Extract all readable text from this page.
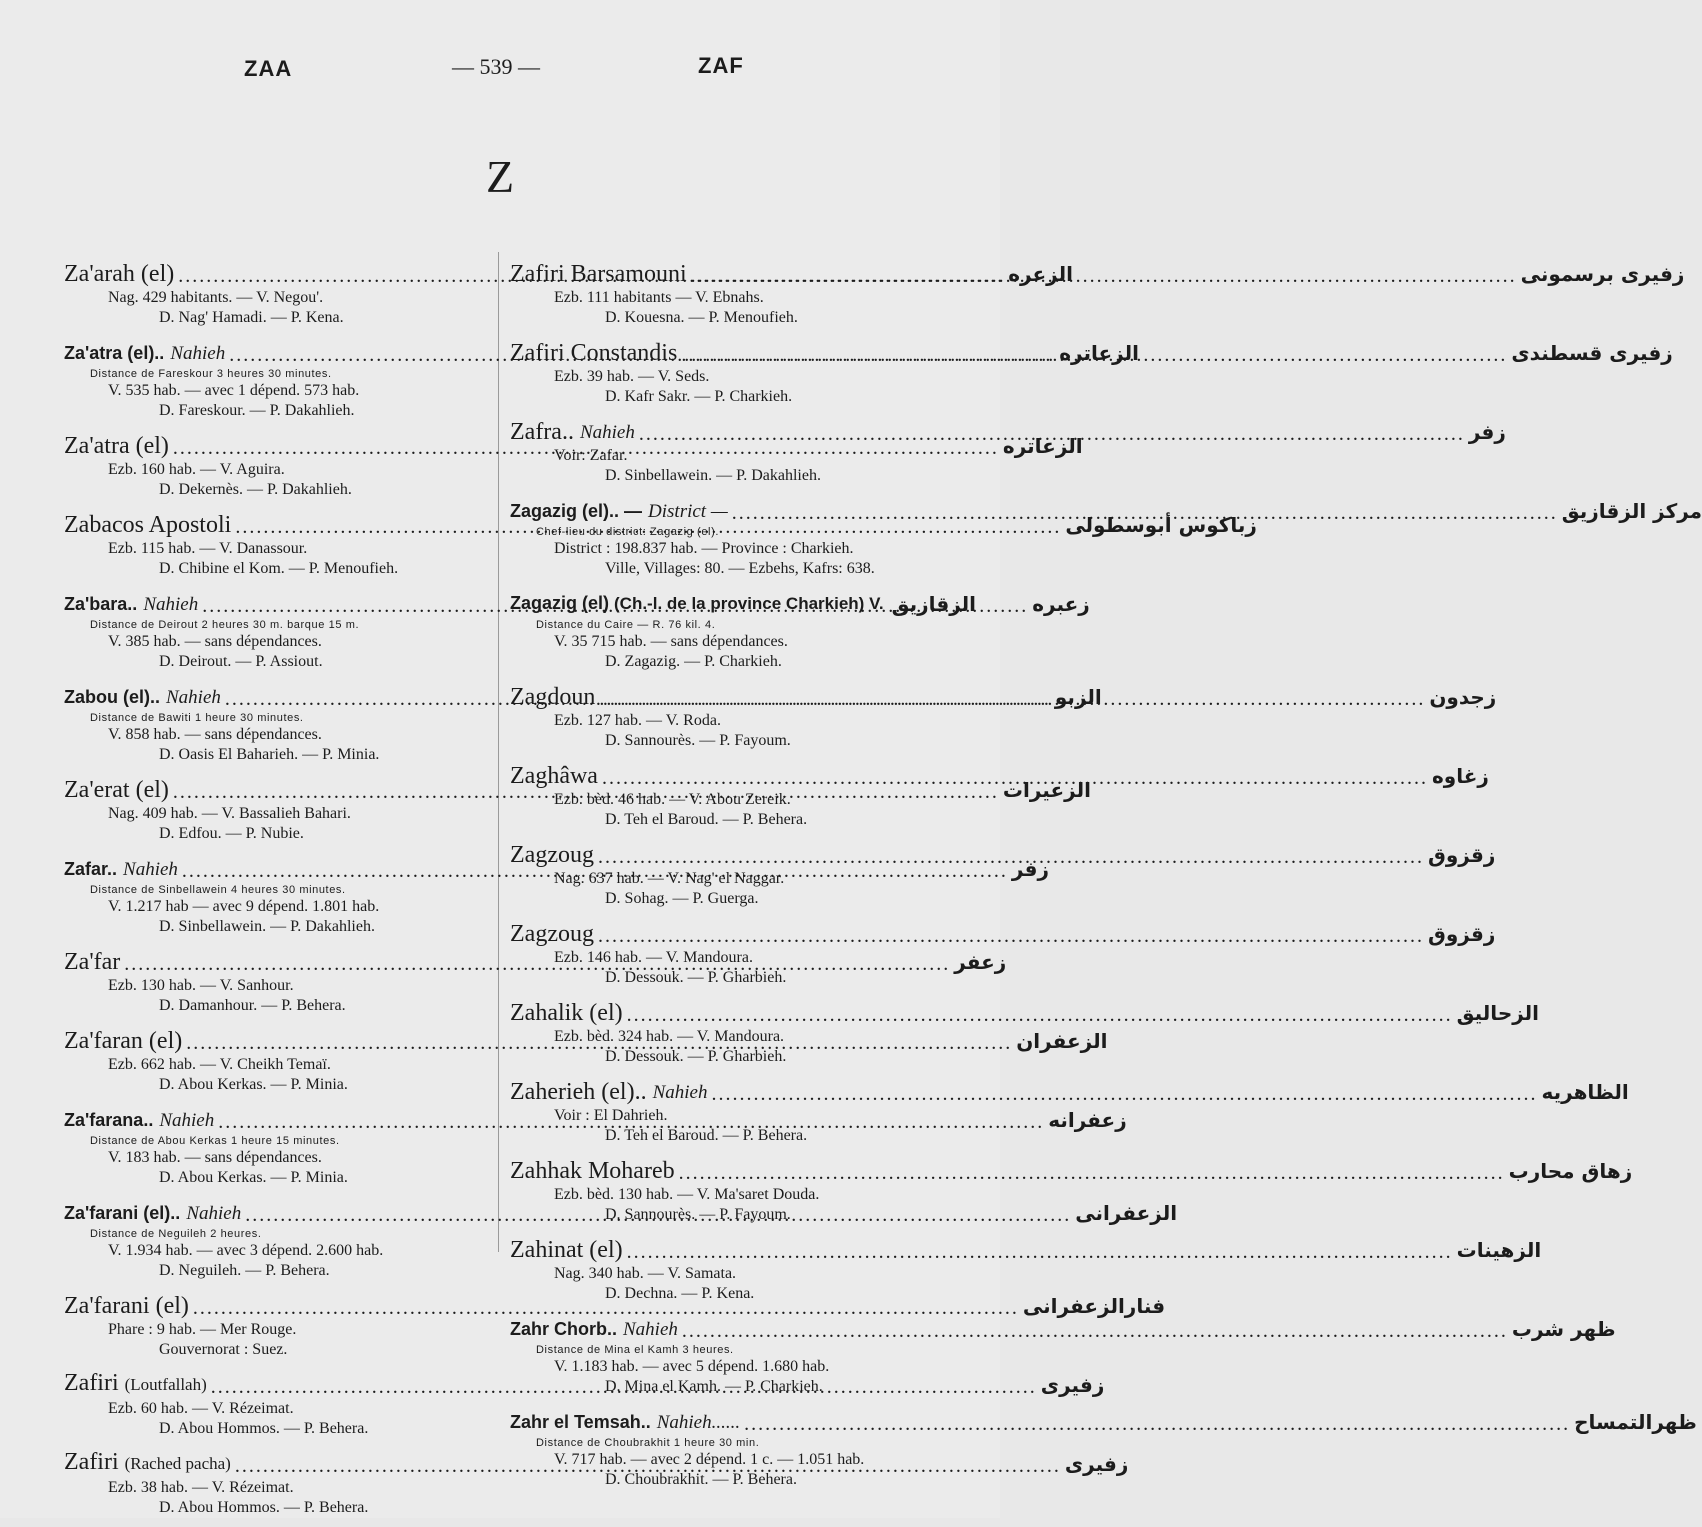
ZAA	— 539 —	ZAF
Z
Za'arah (el) .....	الزعره
Nag. 429 habitants. — V. Negou'.
D. Nag' Hamadi. — P. Kena.
Za'atra (el).. Nahieh .....	الزعاتره
Distance de Fareskour 3 heures 30 minutes.
V. 535 hab. — avec 1 dépend. 573 hab.
D. Fareskour. — P. Dakahlieh.
Za'atra (el) .....	الزعاتره
Ezb. 160 hab. — V. Aguira.
D. Dekernès. — P. Dakahlieh.
Zabacos Apostoli .....	زباكوس أبوسطولى
Ezb. 115 hab. — V. Danassour.
D. Chibine el Kom. — P. Menoufieh.
Za'bara.. Nahieh .....	زعبره
Distance de Deirout 2 heures 30 m. barque 15 m.
V. 385 hab. — sans dépendances.
D. Deirout. — P. Assiout.
Zabou (el).. Nahieh .....	الزبو
Distance de Bawiti 1 heure 30 minutes.
V. 858 hab. — sans dépendances.
D. Oasis El Baharieh. — P. Minia.
Za'erat (el) .....	الزعيرات
Nag. 409 hab. — V. Bassalieh Bahari.
D. Edfou. — P. Nubie.
Zafar.. Nahieh .....	زفر
Distance de Sinbellawein 4 heures 30 minutes.
V. 1.217 hab — avec 9 dépend. 1.801 hab.
D. Sinbellawein. — P. Dakahlieh.
Za'far .....	زعفر
Ezb. 130 hab. — V. Sanhour.
D. Damanhour. — P. Behera.
Za'faran (el) .....	الزعفران
Ezb. 662 hab. — V. Cheikh Temaï.
D. Abou Kerkas. — P. Minia.
Za'farana.. Nahieh .....	زعفرانه
Distance de Abou Kerkas 1 heure 15 minutes.
V. 183 hab. — sans dépendances.
D. Abou Kerkas. — P. Minia.
Za'farani (el).. Nahieh .....	الزعفرانى
Distance de Neguileh 2 heures.
V. 1.934 hab. — avec 3 dépend. 2.600 hab.
D. Neguileh. — P. Behera.
Za'farani (el) .....	فنارالزعفرانى
Phare : 9 hab. — Mer Rouge.
Gouvernorat : Suez.
Zafiri (Loutfallah) .....	زفيرى
Ezb. 60 hab. — V. Rézeimat.
D. Abou Hommos. — P. Behera.
Zafiri (Rached pacha) .....	زفيرى
Ezb. 38 hab. — V. Rézeimat.
D. Abou Hommos. — P. Behera.
Zafiri Barsamouni .....	زفيرى برسمونى
Ezb. 111 habitants — V. Ebnahs.
D. Kouesna. — P. Menoufieh.
Zafiri Constandis .....	زفيرى قسطندى
Ezb. 39 hab. — V. Seds.
D. Kafr Sakr. — P. Charkieh.
Zafra.. Nahieh .....	زفر
Voir: Zafar.
D. Sinbellawein. — P. Dakahlieh.
Zagazig (el).. — District — .....	مركز الزقازيق
Chef-lieu du district: Zagazig (el).
District : 198.837 hab. — Province : Charkieh.
Ville, Villages: 80. — Ezbehs, Kafrs: 638.
Zagazig (el) (Ch.-l. de la province Charkieh) V. الزقازيق
Distance du Caire — R. 76 kil. 4.
V. 35 715 hab. — sans dépendances.
D. Zagazig. — P. Charkieh.
Zagdoun .....	زجدون
Ezb. 127 hab. — V. Roda.
D. Sannourès. — P. Fayoum.
Zaghâwa .....	زغاوه
Ezb. bèd. 46 hab. — V. Abou Zereik.
D. Teh el Baroud. — P. Behera.
Zagzoug .....	زقزوق
Nag. 637 hab. — V. Nag' el Naggar.
D. Sohag. — P. Guerga.
Zagzoug .....	زقزوق
Ezb. 146 hab. — V. Mandoura.
D. Dessouk. — P. Gharbieh.
Zahalik (el) .....	الزحاليق
Ezb. bèd. 324 hab. — V. Mandoura.
D. Dessouk. — P. Gharbieh.
Zaherieh (el).. Nahieh .....	الظاهريه
Voir : El Dahrieh.
D. Teh el Baroud. — P. Behera.
Zahhak Mohareb .....	زهاق محارب
Ezb. bèd. 130 hab. — V. Ma'saret Douda.
D. Sannourès. — P. Fayoum.
Zahinat (el) .....	الزهينات
Nag. 340 hab. — V. Samata.
D. Dechna. — P. Kena.
Zahr Chorb.. Nahieh .....	ظهر شرب
Distance de Mina el Kamh 3 heures.
V. 1.183 hab. — avec 5 dépend. 1.680 hab.
D. Mina el Kamh. — P. Charkieh.
Zahr el Temsah.. Nahieh...... .....	ظهرالتمساح
Distance de Choubrakhit 1 heure 30 min.
V. 717 hab. — avec 2 dépend. 1 c. — 1.051 hab.
D. Choubrakhit. — P. Behera.
